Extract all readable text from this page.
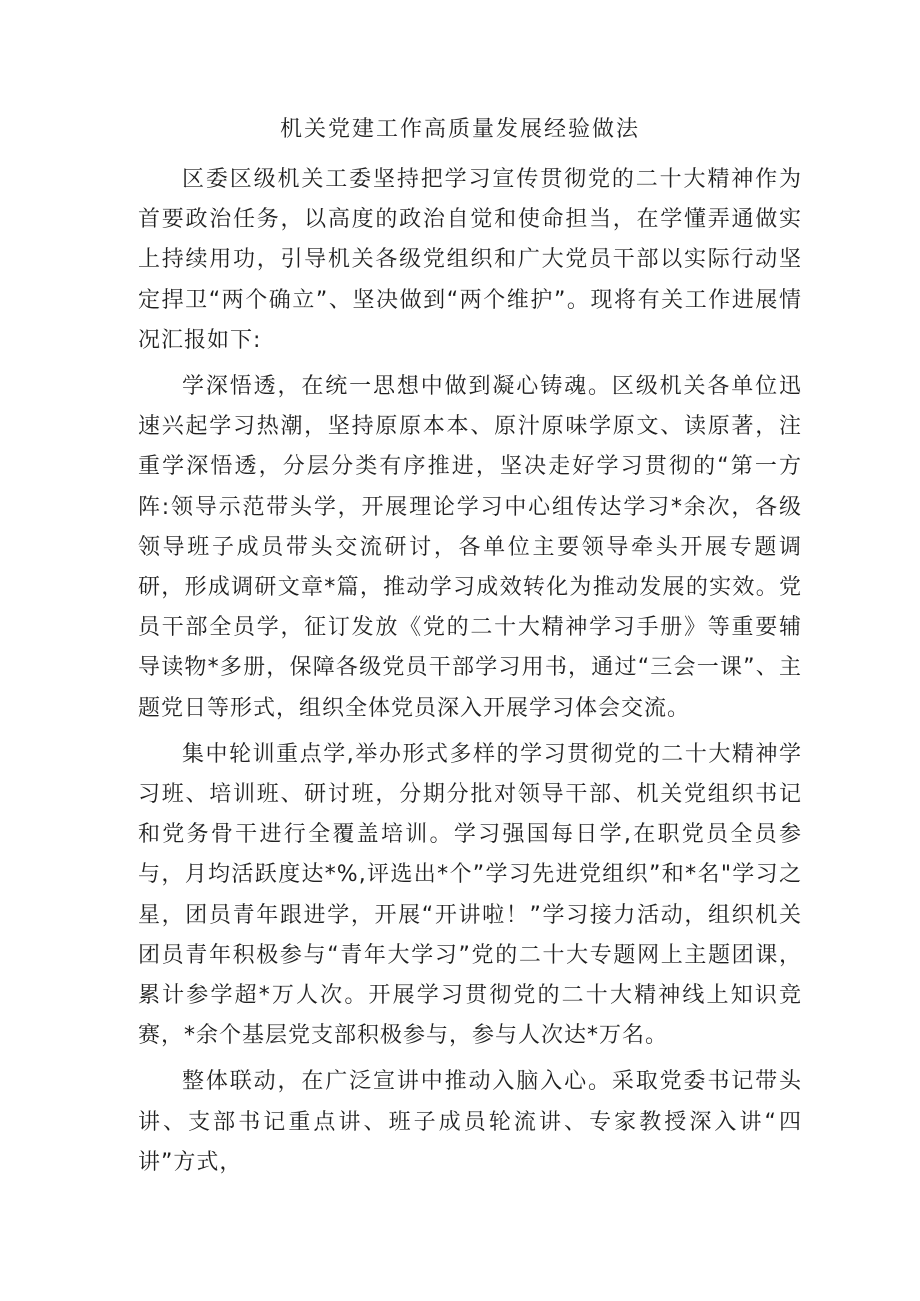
机关党建工作高质量发展经验做法

区委区级机关工委坚持把学习宣传贯彻党的二十大精神作为首要政治任务，以高度的政治自觉和使命担当，在学懂弄通做实上持续用功，引导机关各级党组织和广大党员干部以实际行动坚定捍卫“两个确立”、坚决做到“两个维护”。现将有关工作进展情况汇报如下:

学深悟透，在统一思想中做到凝心铸魂。区级机关各单位迅速兴起学习热潮，坚持原原本本、原汁原味学原文、读原著，注重学深悟透，分层分类有序推进，坚决走好学习贯彻的“第一方阵:领导示范带头学，开展理论学习中心组传达学习*余次，各级领导班子成员带头交流研讨，各单位主要领导牵头开展专题调研，形成调研文章*篇，推动学习成效转化为推动发展的实效。党员干部全员学，征订发放《党的二十大精神学习手册》等重要辅导读物*多册，保障各级党员干部学习用书，通过“三会一课”、主题党日等形式，组织全体党员深入开展学习体会交流。

集中轮训重点学,举办形式多样的学习贯彻党的二十大精神学习班、培训班、研讨班，分期分批对领导干部、机关党组织书记和党务骨干进行全覆盖培训。学习强国每日学,在职党员全员参与，月均活跃度达*%,评选出*个”学习先进党组织”和*名"学习之星，团员青年跟进学，开展“开讲啦！”学习接力活动，组织机关团员青年积极参与“青年大学习”党的二十大专题网上主题团课，累计参学超*万人次。开展学习贯彻党的二十大精神线上知识竞赛，*余个基层党支部积极参与，参与人次达*万名。

整体联动，在广泛宣讲中推动入脑入心。采取党委书记带头讲、支部书记重点讲、班子成员轮流讲、专家教授深入讲“四讲”方式，
